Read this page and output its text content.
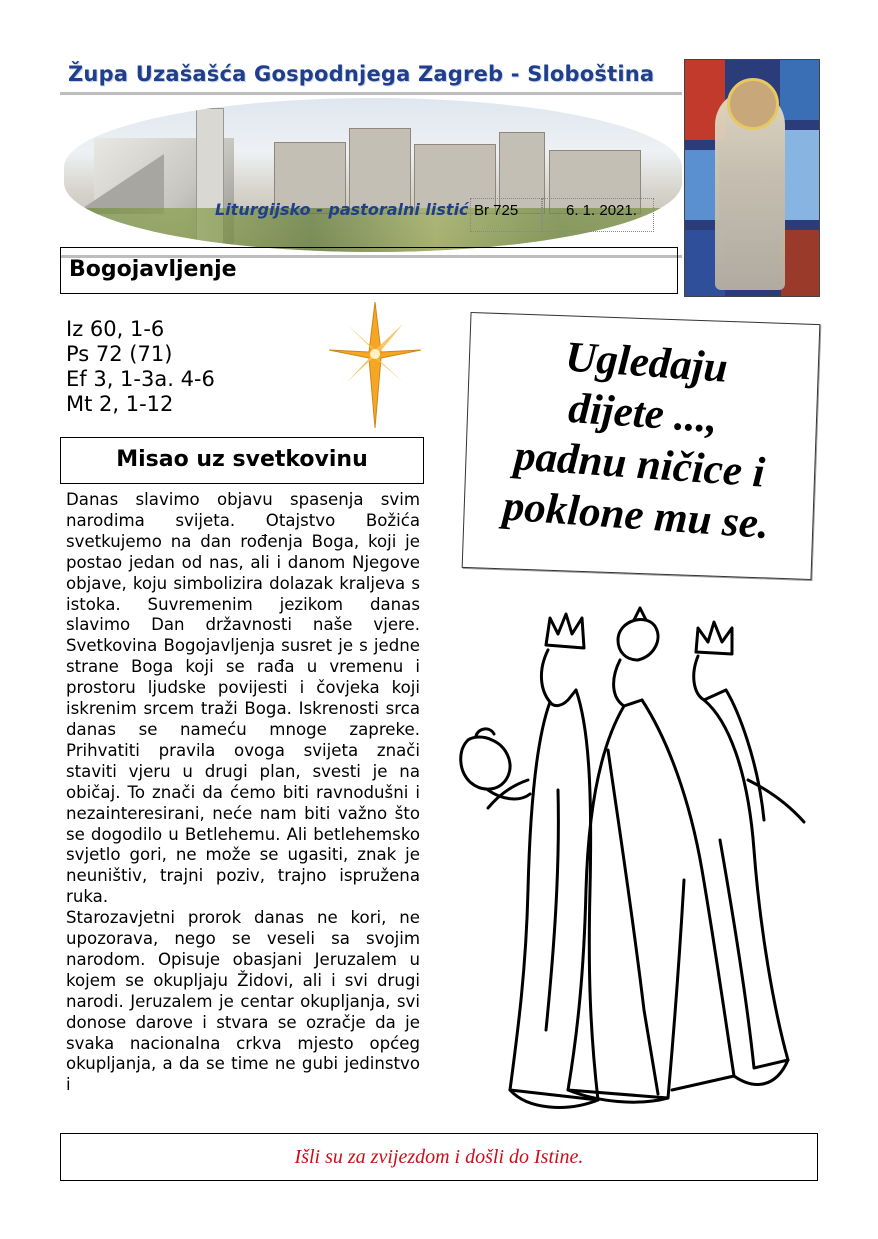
Župa Uzašašća Gospodnjega Zagreb - Sloboština
Liturgijsko - pastoralni listić Br 725	6. 1. 2021.
Bogojavljenje
Iz 60, 1-6
Ps 72 (71)
Ef 3, 1-3a. 4-6
Mt 2, 1-12
Ugledaju
dijete ...,
padnu ničice i
poklone mu se.
Misao uz svetkovinu

Danas slavimo objavu spasenja svim narodima svijeta. Otajstvo Božića svetkujemo na dan rođenja Boga, koji je postao jedan od nas, ali i danom Njegove objave, koju simbolizira dolazak kraljeva s istoka. Suvremenim jezikom danas slavimo Dan državnosti naše vjere. Svetkovina Bogojavljenja susret je s jedne strane Boga koji se rađa u vremenu i prostoru ljudske povijesti i čovjeka koji iskrenim srcem traži Boga. Iskrenosti srca danas se nameću mnoge zapreke. Prihvatiti pravila ovoga svijeta znači staviti vjeru u drugi plan, svesti je na običaj. To znači da ćemo biti ravnodušni i nezainteresirani, neće nam biti važno što se dogodilo u Betlehemu. Ali betlehemsko svjetlo gori, ne može se ugasiti, znak je neuništiv, trajni poziv, trajno ispružena ruka.

Starozavjetni prorok danas ne kori, ne upozorava, nego se veseli sa svojim narodom. Opisuje obasjani Jeruzalem u kojem se okupljaju Židovi, ali i svi drugi narodi. Jeruzalem je centar okupljanja, svi donose darove i stvara se ozračje da je svaka nacionalna crkva mjesto općeg okupljanja, a da se time ne gubi jedinstvo i

Išli su za zvijezdom i došli do Istine.
